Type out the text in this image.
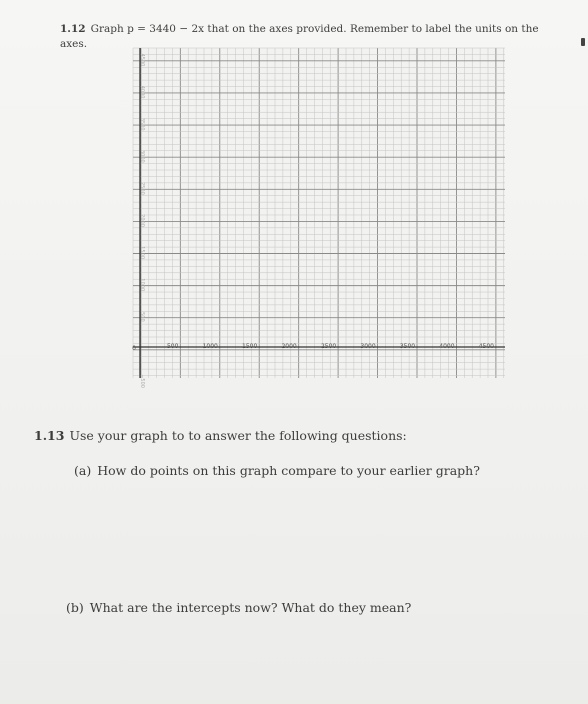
1.12 Graph p = 3440 − 2x that on the axes provided. Remember to label the units on the axes.
0	500	1000	1500	2000	2500	3000	3500	4000	4500
4500
4000
3500
3000
2500
2000
1500
1000
500
−500
1.13 Use your graph to to answer the following questions:
(a) How do points on this graph compare to your earlier graph?
(b) What are the intercepts now? What do they mean?
